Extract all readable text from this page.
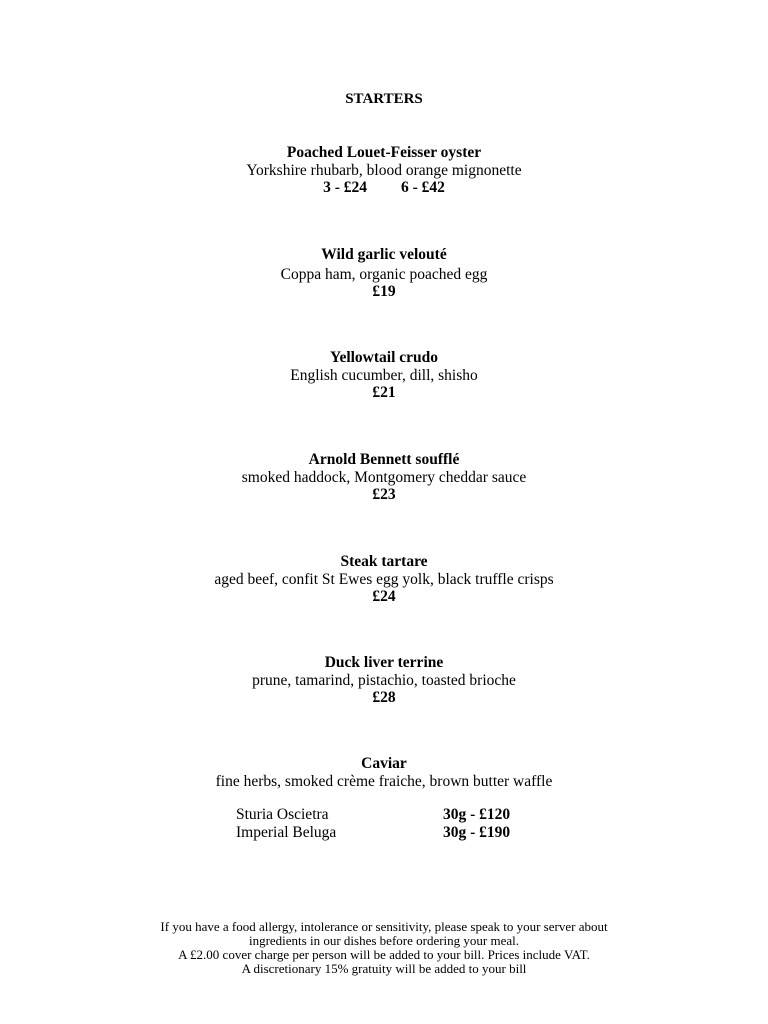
STARTERS
Poached Louet-Feisser oyster
Yorkshire rhubarb, blood orange mignonette
3 - £24 6 - £42
Wild garlic velouté
Coppa ham, organic poached egg
£19
Yellowtail crudo
English cucumber, dill, shisho
£21
Arnold Bennett soufflé
smoked haddock, Montgomery cheddar sauce
£23
Steak tartare
aged beef, confit St Ewes egg yolk, black truffle crisps
£24
Duck liver terrine
prune, tamarind, pistachio, toasted brioche
£28
Caviar
fine herbs, smoked crème fraiche, brown butter waffle
Sturia Oscietra	30g - £120
Imperial Beluga	30g - £190
If you have a food allergy, intolerance or sensitivity, please speak to your server about
ingredients in our dishes before ordering your meal.
A £2.00 cover charge per person will be added to your bill. Prices include VAT.
A discretionary 15% gratuity will be added to your bill
